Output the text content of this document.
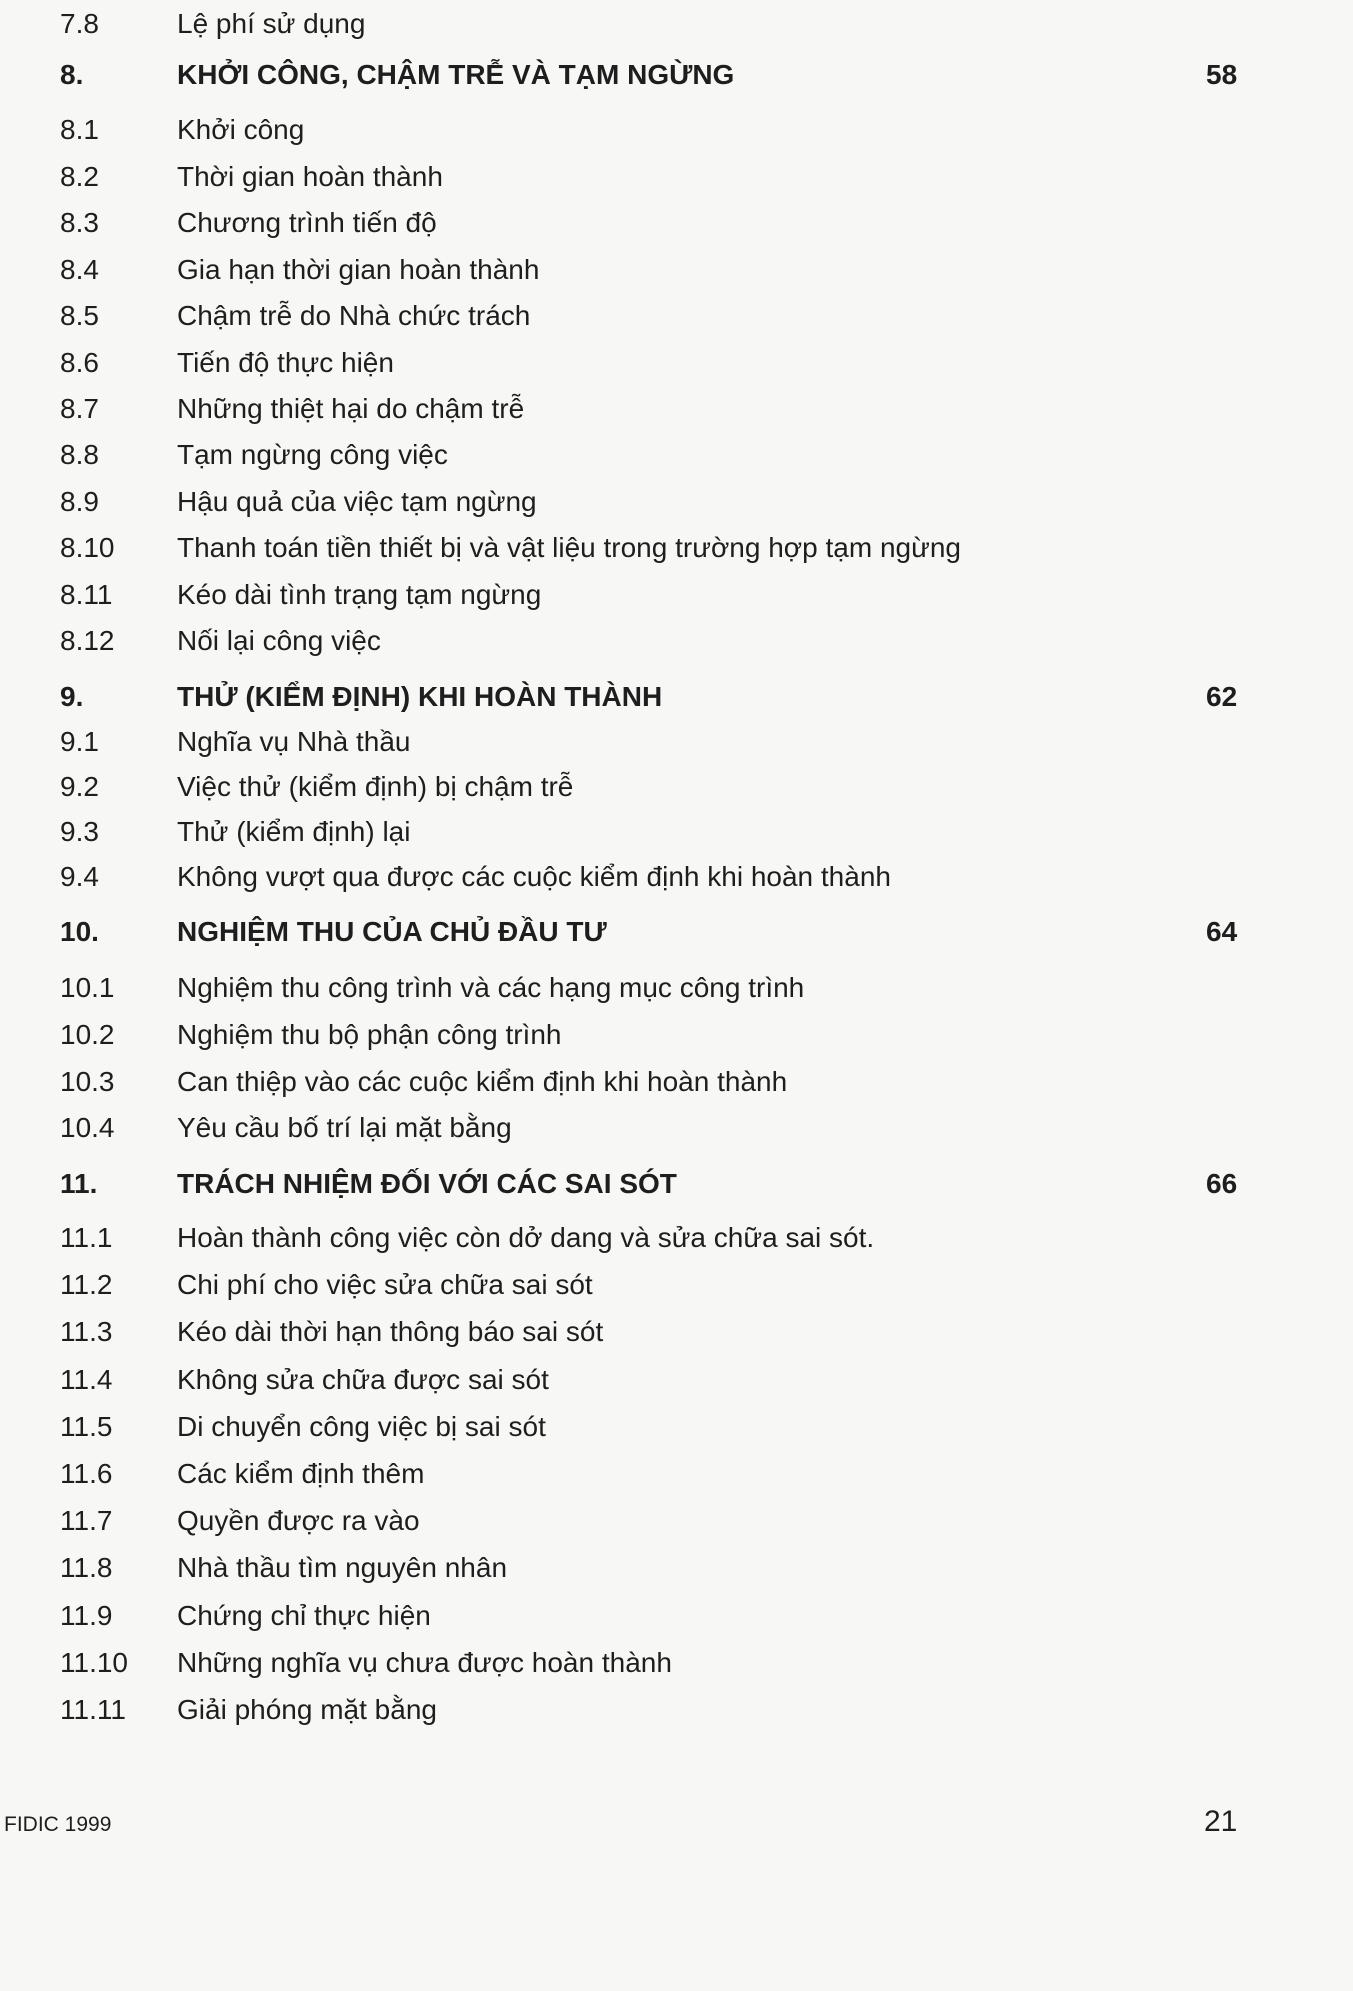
7.8	Lệ phí sử dụng
8.	KHỞI CÔNG, CHẬM TRỄ VÀ TẠM NGỪNG	58
8.1	Khởi công
8.2	Thời gian hoàn thành
8.3	Chương trình tiến độ
8.4	Gia hạn thời gian hoàn thành
8.5	Chậm trễ do Nhà chức trách
8.6	Tiến độ thực hiện
8.7	Những thiệt hại do chậm trễ
8.8	Tạm ngừng công việc
8.9	Hậu quả của việc tạm ngừng
8.10 Thanh toán tiền thiết bị và vật liệu trong trường hợp tạm ngừng
8.11 Kéo dài tình trạng tạm ngừng
8.12 Nối lại công việc
9.	THỬ (KIỂM ĐỊNH) KHI HOÀN THÀNH	62
9.1	Nghĩa vụ Nhà thầu
9.2	Việc thử (kiểm định) bị chậm trễ
9.3	Thử (kiểm định) lại
9.4	Không vượt qua được các cuộc kiểm định khi hoàn thành
10.	NGHIỆM THU CỦA CHỦ ĐẦU TƯ	64
10.1 Nghiệm thu công trình và các hạng mục công trình
10.2 Nghiệm thu bộ phận công trình
10.3 Can thiệp vào các cuộc kiểm định khi hoàn thành
10.4 Yêu cầu bố trí lại mặt bằng
11.	TRÁCH NHIỆM ĐỐI VỚI CÁC SAI SÓT	66
11.1 Hoàn thành công việc còn dở dang và sửa chữa sai sót.
11.2 Chi phí cho việc sửa chữa sai sót
11.3 Kéo dài thời hạn thông báo sai sót
11.4 Không sửa chữa được sai sót
11.5 Di chuyển công việc bị sai sót
11.6 Các kiểm định thêm
11.7 Quyền được ra vào
11.8 Nhà thầu tìm nguyên nhân
11.9 Chứng chỉ thực hiện
11.10 Những nghĩa vụ chưa được hoàn thành
11.11 Giải phóng mặt bằng
FIDIC 1999	21
